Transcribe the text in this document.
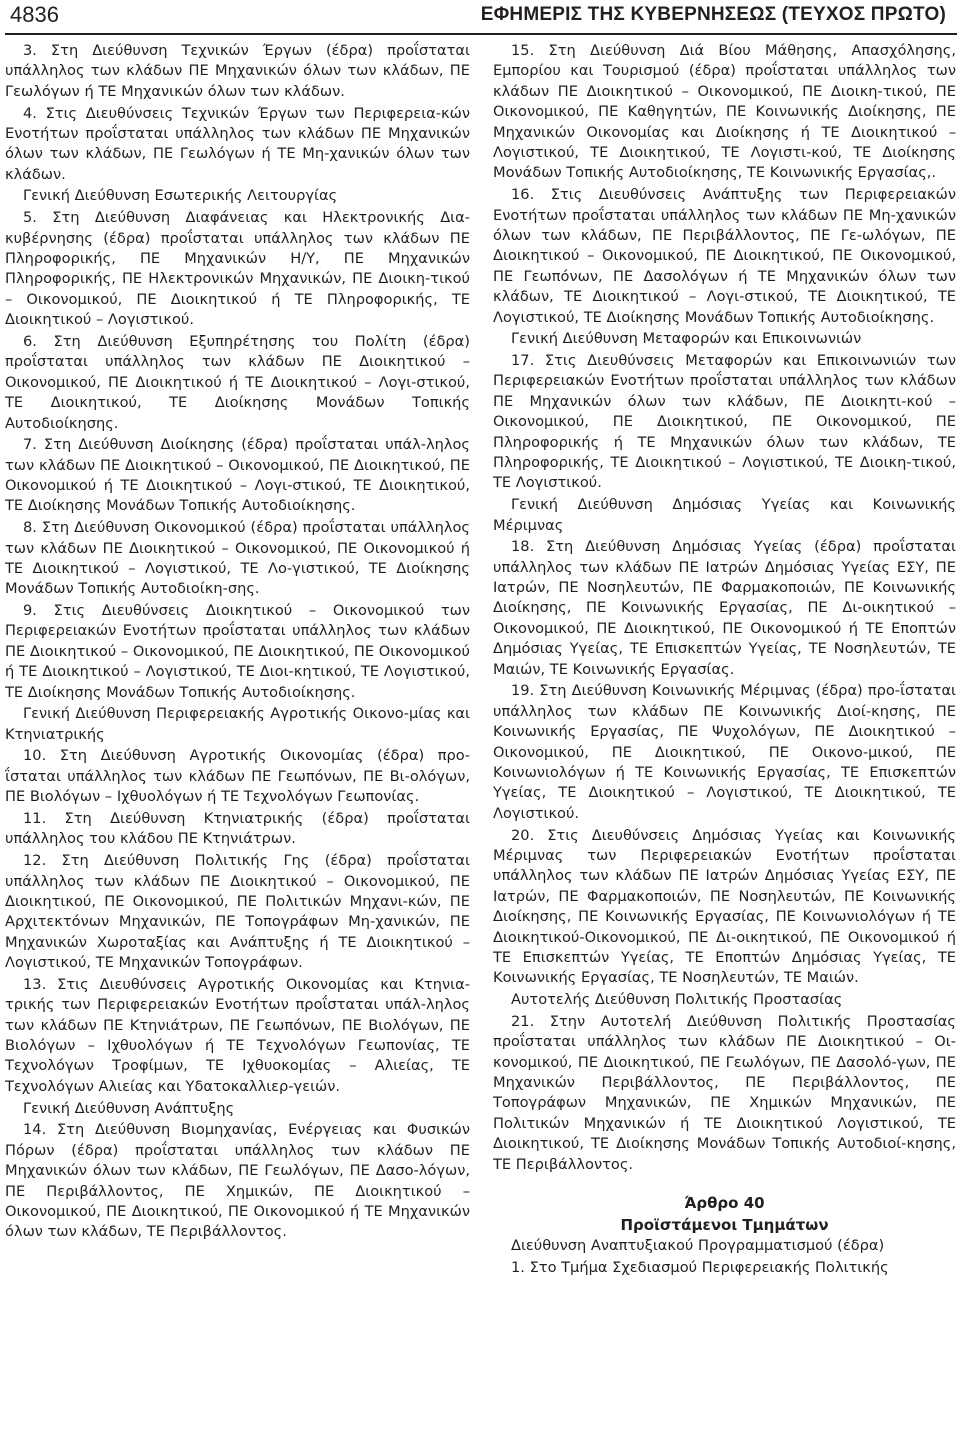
4836	ΕΦΗΜΕΡΙΣ ΤΗΣ ΚΥΒΕΡΝΗΣΕΩΣ (ΤΕΥΧΟΣ ΠΡΩΤΟ)

3. Στη Διεύθυνση Τεχνικών Έργων (έδρα) προΐσταται υπάλληλος των κλάδων ΠΕ Μηχανικών όλων των κλάδων, ΠΕ Γεωλόγων ή ΤΕ Μηχανικών όλων των κλάδων.

4. Στις Διευθύνσεις Τεχνικών Έργων των Περιφερεια-κών Ενοτήτων προΐσταται υπάλληλος των κλάδων ΠΕ Μηχανικών όλων των κλάδων, ΠΕ Γεωλόγων ή ΤΕ Μη-χανικών όλων των κλάδων.

Γενική Διεύθυνση Εσωτερικής Λειτουργίας

5. Στη Διεύθυνση Διαφάνειας και Ηλεκτρονικής Δια-κυβέρνησης (έδρα) προΐσταται υπάλληλος των κλάδων ΠΕ Πληροφορικής, ΠΕ Μηχανικών Η/Υ, ΠΕ Μηχανικών Πληροφορικής, ΠΕ Ηλεκτρονικών Μηχανικών, ΠΕ Διοικη-τικού – Οικονομικού, ΠΕ Διοικητικού ή ΤΕ Πληροφορικής, ΤΕ Διοικητικού – Λογιστικού.

6. Στη Διεύθυνση Εξυπηρέτησης του Πολίτη (έδρα) προΐσταται υπάλληλος των κλάδων ΠΕ Διοικητικού – Οικονομικού, ΠΕ Διοικητικού ή ΤΕ Διοικητικού – Λογι-στικού, ΤΕ Διοικητικού, ΤΕ Διοίκησης Μονάδων Τοπικής Αυτοδιοίκησης.

7. Στη Διεύθυνση Διοίκησης (έδρα) προΐσταται υπάλ-ληλος των κλάδων ΠΕ Διοικητικού – Οικονομικού, ΠΕ Διοικητικού, ΠΕ Οικονομικού ή ΤΕ Διοικητικού – Λογι-στικού, ΤΕ Διοικητικού, ΤΕ Διοίκησης Μονάδων Τοπικής Αυτοδιοίκησης.

8. Στη Διεύθυνση Οικονομικού (έδρα) προΐσταται υπάλληλος των κλάδων ΠΕ Διοικητικού – Οικονομικού, ΠΕ Οικονομικού ή ΤΕ Διοικητικού – Λογιστικού, ΤΕ Λο-γιστικού, ΤΕ Διοίκησης Μονάδων Τοπικής Αυτοδιοίκη-σης.

9. Στις Διευθύνσεις Διοικητικού – Οικονομικού των Περιφερειακών Ενοτήτων προΐσταται υπάλληλος των κλάδων ΠΕ Διοικητικού – Οικονομικού, ΠΕ Διοικητικού, ΠΕ Οικονομικού ή ΤΕ Διοικητικού – Λογιστικού, ΤΕ Διοι-κητικού, ΤΕ Λογιστικού, ΤΕ Διοίκησης Μονάδων Τοπικής Αυτοδιοίκησης.

Γενική Διεύθυνση Περιφερειακής Αγροτικής Οικονο-μίας και Κτηνιατρικής

10. Στη Διεύθυνση Αγροτικής Οικονομίας (έδρα) προ-ΐσταται υπάλληλος των κλάδων ΠΕ Γεωπόνων, ΠΕ Βι-ολόγων, ΠΕ Βιολόγων – Ιχθυολόγων ή ΤΕ Τεχνολόγων Γεωπονίας.

11. Στη Διεύθυνση Κτηνιατρικής (έδρα) προΐσταται υπάλληλος του κλάδου ΠΕ Κτηνιάτρων.

12. Στη Διεύθυνση Πολιτικής Γης (έδρα) προΐσταται υπάλληλος των κλάδων ΠΕ Διοικητικού – Οικονομικού, ΠΕ Διοικητικού, ΠΕ Οικονομικού, ΠΕ Πολιτικών Μηχανι-κών, ΠΕ Αρχιτεκτόνων Μηχανικών, ΠΕ Τοπογράφων Μη-χανικών, ΠΕ Μηχανικών Χωροταξίας και Ανάπτυξης ή ΤΕ Διοικητικού – Λογιστικού, ΤΕ Μηχανικών Τοπογράφων.

13. Στις Διευθύνσεις Αγροτικής Οικονομίας και Κτηνια-τρικής των Περιφερειακών Ενοτήτων προΐσταται υπάλ-ληλος των κλάδων ΠΕ Κτηνιάτρων, ΠΕ Γεωπόνων, ΠΕ Βιολόγων, ΠΕ Βιολόγων – Ιχθυολόγων ή ΤΕ Τεχνολόγων Γεωπονίας, ΤΕ Τεχνολόγων Τροφίμων, ΤΕ Ιχθυοκομίας – Αλιείας, ΤΕ Τεχνολόγων Αλιείας και Υδατοκαλλιερ-γειών.

Γενική Διεύθυνση Ανάπτυξης

14. Στη Διεύθυνση Βιομηχανίας, Ενέργειας και Φυσικών Πόρων (έδρα) προΐσταται υπάλληλος των κλάδων ΠΕ Μηχανικών όλων των κλάδων, ΠΕ Γεωλόγων, ΠΕ Δασο-λόγων, ΠΕ Περιβάλλοντος, ΠΕ Χημικών, ΠΕ Διοικητικού – Οικονομικού, ΠΕ Διοικητικού, ΠΕ Οικονομικού ή ΤΕ Μηχανικών όλων των κλάδων, ΤΕ Περιβάλλοντος.

15. Στη Διεύθυνση Διά Βίου Μάθησης, Απασχόλησης, Εμπορίου και Τουρισμού (έδρα) προΐσταται υπάλληλος των κλάδων ΠΕ Διοικητικού – Οικονομικού, ΠΕ Διοικη-τικού, ΠΕ Οικονομικού, ΠΕ Καθηγητών, ΠΕ Κοινωνικής Διοίκησης, ΠΕ Μηχανικών Οικονομίας και Διοίκησης ή ΤΕ Διοικητικού –Λογιστικού, ΤΕ Διοικητικού, ΤΕ Λογιστι-κού, ΤΕ Διοίκησης Μονάδων Τοπικής Αυτοδιοίκησης, ΤΕ Κοινωνικής Εργασίας,.

16. Στις Διευθύνσεις Ανάπτυξης των Περιφερειακών Ενοτήτων προΐσταται υπάλληλος των κλάδων ΠΕ Μη-χανικών όλων των κλάδων, ΠΕ Περιβάλλοντος, ΠΕ Γε-ωλόγων, ΠΕ Διοικητικού – Οικονομικού, ΠΕ Διοικητικού, ΠΕ Οικονομικού, ΠΕ Γεωπόνων, ΠΕ Δασολόγων ή ΤΕ Μηχανικών όλων των κλάδων, ΤΕ Διοικητικού – Λογι-στικού, ΤΕ Διοικητικού, ΤΕ Λογιστικού, ΤΕ Διοίκησης Μονάδων Τοπικής Αυτοδιοίκησης.

Γενική Διεύθυνση Μεταφορών και Επικοινωνιών

17. Στις Διευθύνσεις Μεταφορών και Επικοινωνιών των Περιφερειακών Ενοτήτων προΐσταται υπάλληλος των κλάδων ΠΕ Μηχανικών όλων των κλάδων, ΠΕ Διοικητι-κού – Οικονομικού, ΠΕ Διοικητικού, ΠΕ Οικονομικού, ΠΕ Πληροφορικής ή ΤΕ Μηχανικών όλων των κλάδων, ΤΕ Πληροφορικής, ΤΕ Διοικητικού – Λογιστικού, ΤΕ Διοικη-τικού, ΤΕ Λογιστικού.

Γενική Διεύθυνση Δημόσιας Υγείας και Κοινωνικής Μέριμνας

18. Στη Διεύθυνση Δημόσιας Υγείας (έδρα) προΐσταται υπάλληλος των κλάδων ΠΕ Ιατρών Δημόσιας Υγείας ΕΣΥ, ΠΕ Ιατρών, ΠΕ Νοσηλευτών, ΠΕ Φαρμακοποιών, ΠΕ Κοινωνικής Διοίκησης, ΠΕ Κοινωνικής Εργασίας, ΠΕ Δι-οικητικού – Οικονομικού, ΠΕ Διοικητικού, ΠΕ Οικονομικού ή ΤΕ Εποπτών Δημόσιας Υγείας, ΤΕ Επισκεπτών Υγείας, ΤΕ Νοσηλευτών, ΤΕ Μαιών, ΤΕ Κοινωνικής Εργασίας.

19. Στη Διεύθυνση Κοινωνικής Μέριμνας (έδρα) προ-ΐσταται υπάλληλος των κλάδων ΠΕ Κοινωνικής Διοί-κησης, ΠΕ Κοινωνικής Εργασίας, ΠΕ Ψυχολόγων, ΠΕ Διοικητικού – Οικονομικού, ΠΕ Διοικητικού, ΠΕ Οικονο-μικού, ΠΕ Κοινωνιολόγων ή ΤΕ Κοινωνικής Εργασίας, ΤΕ Επισκεπτών Υγείας, ΤΕ Διοικητικού – Λογιστικού, ΤΕ Διοικητικού, ΤΕ Λογιστικού.

20. Στις Διευθύνσεις Δημόσιας Υγείας και Κοινωνικής Μέριμνας των Περιφερειακών Ενοτήτων προΐσταται υπάλληλος των κλάδων ΠΕ Ιατρών Δημόσιας Υγείας ΕΣΥ, ΠΕ Ιατρών, ΠΕ Φαρμακοποιών, ΠΕ Νοσηλευτών, ΠΕ Κοινωνικής Διοίκησης, ΠΕ Κοινωνικής Εργασίας, ΠΕ Κοινωνιολόγων ή ΤΕ Διοικητικού-Οικονομικού, ΠΕ Δι-οικητικού, ΠΕ Οικονομικού ή ΤΕ Επισκεπτών Υγείας, ΤΕ Εποπτών Δημόσιας Υγείας, ΤΕ Κοινωνικής Εργασίας, ΤΕ Νοσηλευτών, ΤΕ Μαιών.

Αυτοτελής Διεύθυνση Πολιτικής Προστασίας

21. Στην Αυτοτελή Διεύθυνση Πολιτικής Προστασίας προΐσταται υπάλληλος των κλάδων ΠΕ Διοικητικού – Οι-κονομικού, ΠΕ Διοικητικού, ΠΕ Γεωλόγων, ΠΕ Δασολό-γων, ΠΕ Μηχανικών Περιβάλλοντος, ΠΕ Περιβάλλοντος, ΠΕ Τοπογράφων Μηχανικών, ΠΕ Χημικών Μηχανικών, ΠΕ Πολιτικών Μηχανικών ή ΤΕ Διοικητικού Λογιστικού, ΤΕ Διοικητικού, ΤΕ Διοίκησης Μονάδων Τοπικής Αυτοδιοί-κησης, ΤΕ Περιβάλλοντος.

Άρθρο 40

Προϊστάμενοι Τμημάτων

Διεύθυνση Αναπτυξιακού Προγραμματισμού (έδρα)

1. Στο Τμήμα Σχεδιασμού Περιφερειακής Πολιτικής
